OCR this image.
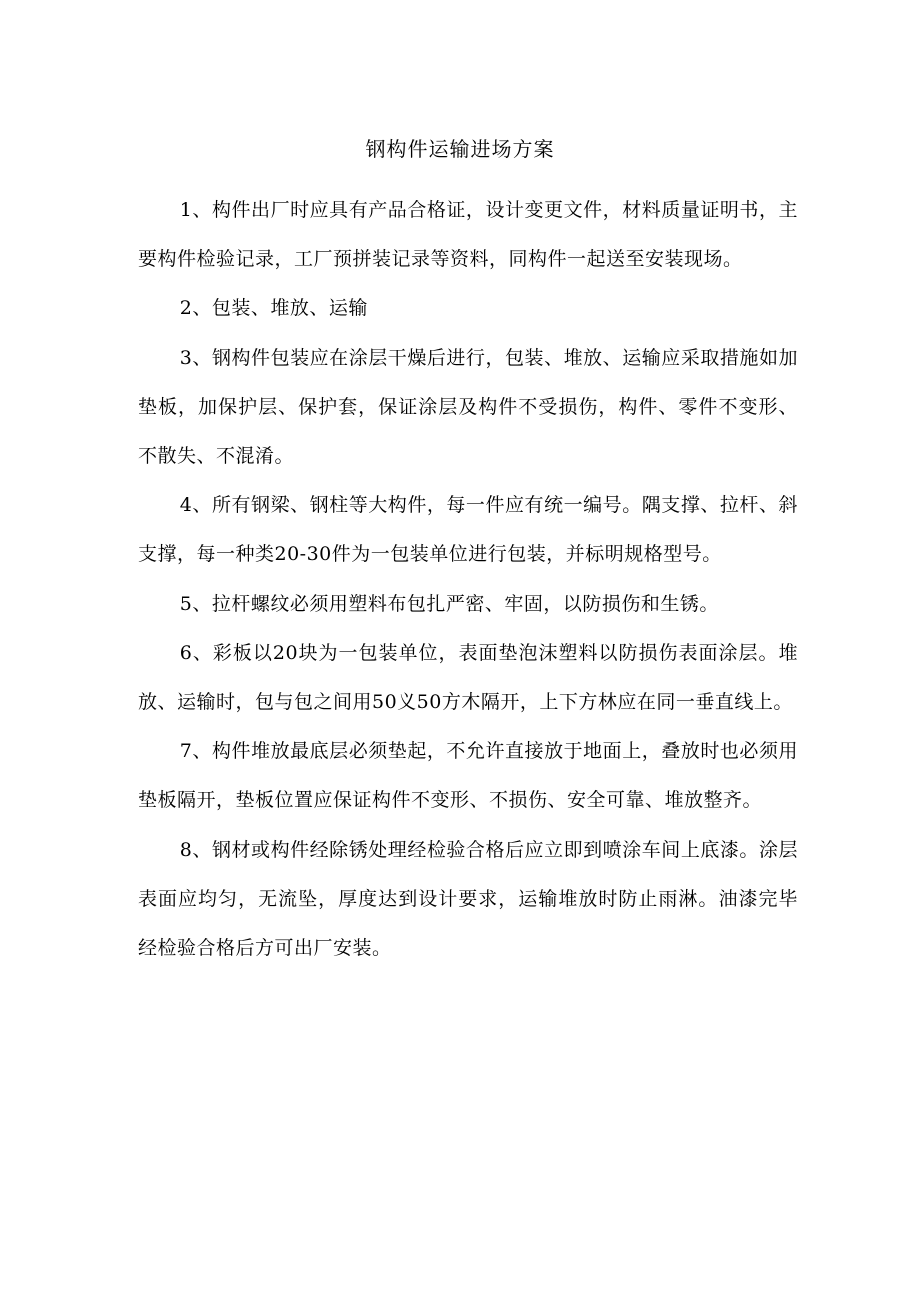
钢构件运输进场方案

1、构件出厂时应具有产品合格证，设计变更文件，材料质量证明书，主要构件检验记录，工厂预拼装记录等资料，同构件一起送至安装现场。

2、包装、堆放、运输

3、钢构件包装应在涂层干燥后进行，包装、堆放、运输应采取措施如加垫板，加保护层、保护套，保证涂层及构件不受损伤，构件、零件不变形、不散失、不混淆。

4、所有钢梁、钢柱等大构件，每一件应有统一编号。隅支撑、拉杆、斜支撑，每一种类20-30件为一包装单位进行包装，并标明规格型号。

5、拉杆螺纹必须用塑料布包扎严密、牢固，以防损伤和生锈。

6、彩板以20块为一包装单位，表面垫泡沫塑料以防损伤表面涂层。堆放、运输时，包与包之间用50义50方木隔开，上下方林应在同一垂直线上。

7、构件堆放最底层必须垫起，不允许直接放于地面上，叠放时也必须用垫板隔开，垫板位置应保证构件不变形、不损伤、安全可靠、堆放整齐。

8、钢材或构件经除锈处理经检验合格后应立即到喷涂车间上底漆。涂层表面应均匀，无流坠，厚度达到设计要求，运输堆放时防止雨淋。油漆完毕经检验合格后方可出厂安装。
